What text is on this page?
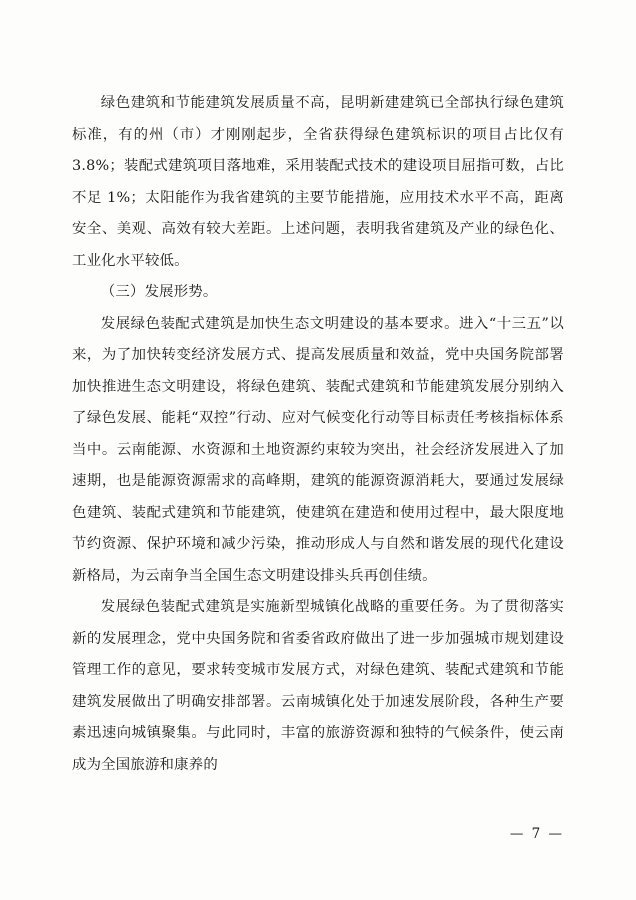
绿色建筑和节能建筑发展质量不高，昆明新建建筑已全部执行绿色建筑标准，有的州（市）才刚刚起步，全省获得绿色建筑标识的项目占比仅有 3.8%；装配式建筑项目落地难，采用装配式技术的建设项目屈指可数，占比不足 1%；太阳能作为我省建筑的主要节能措施，应用技术水平不高，距离安全、美观、高效有较大差距。上述问题，表明我省建筑及产业的绿色化、工业化水平较低。

（三）发展形势。

发展绿色装配式建筑是加快生态文明建设的基本要求。进入“十三五”以来，为了加快转变经济发展方式、提高发展质量和效益，党中央国务院部署加快推进生态文明建设，将绿色建筑、装配式建筑和节能建筑发展分别纳入了绿色发展、能耗“双控”行动、应对气候变化行动等目标责任考核指标体系当中。云南能源、水资源和土地资源约束较为突出，社会经济发展进入了加速期，也是能源资源需求的高峰期，建筑的能源资源消耗大，要通过发展绿色建筑、装配式建筑和节能建筑，使建筑在建造和使用过程中，最大限度地节约资源、保护环境和减少污染，推动形成人与自然和谐发展的现代化建设新格局，为云南争当全国生态文明建设排头兵再创佳绩。

发展绿色装配式建筑是实施新型城镇化战略的重要任务。为了贯彻落实新的发展理念，党中央国务院和省委省政府做出了进一步加强城市规划建设管理工作的意见，要求转变城市发展方式，对绿色建筑、装配式建筑和节能建筑发展做出了明确安排部署。云南城镇化处于加速发展阶段，各种生产要素迅速向城镇聚集。与此同时，丰富的旅游资源和独特的气候条件，使云南成为全国旅游和康养的

— 7 —
